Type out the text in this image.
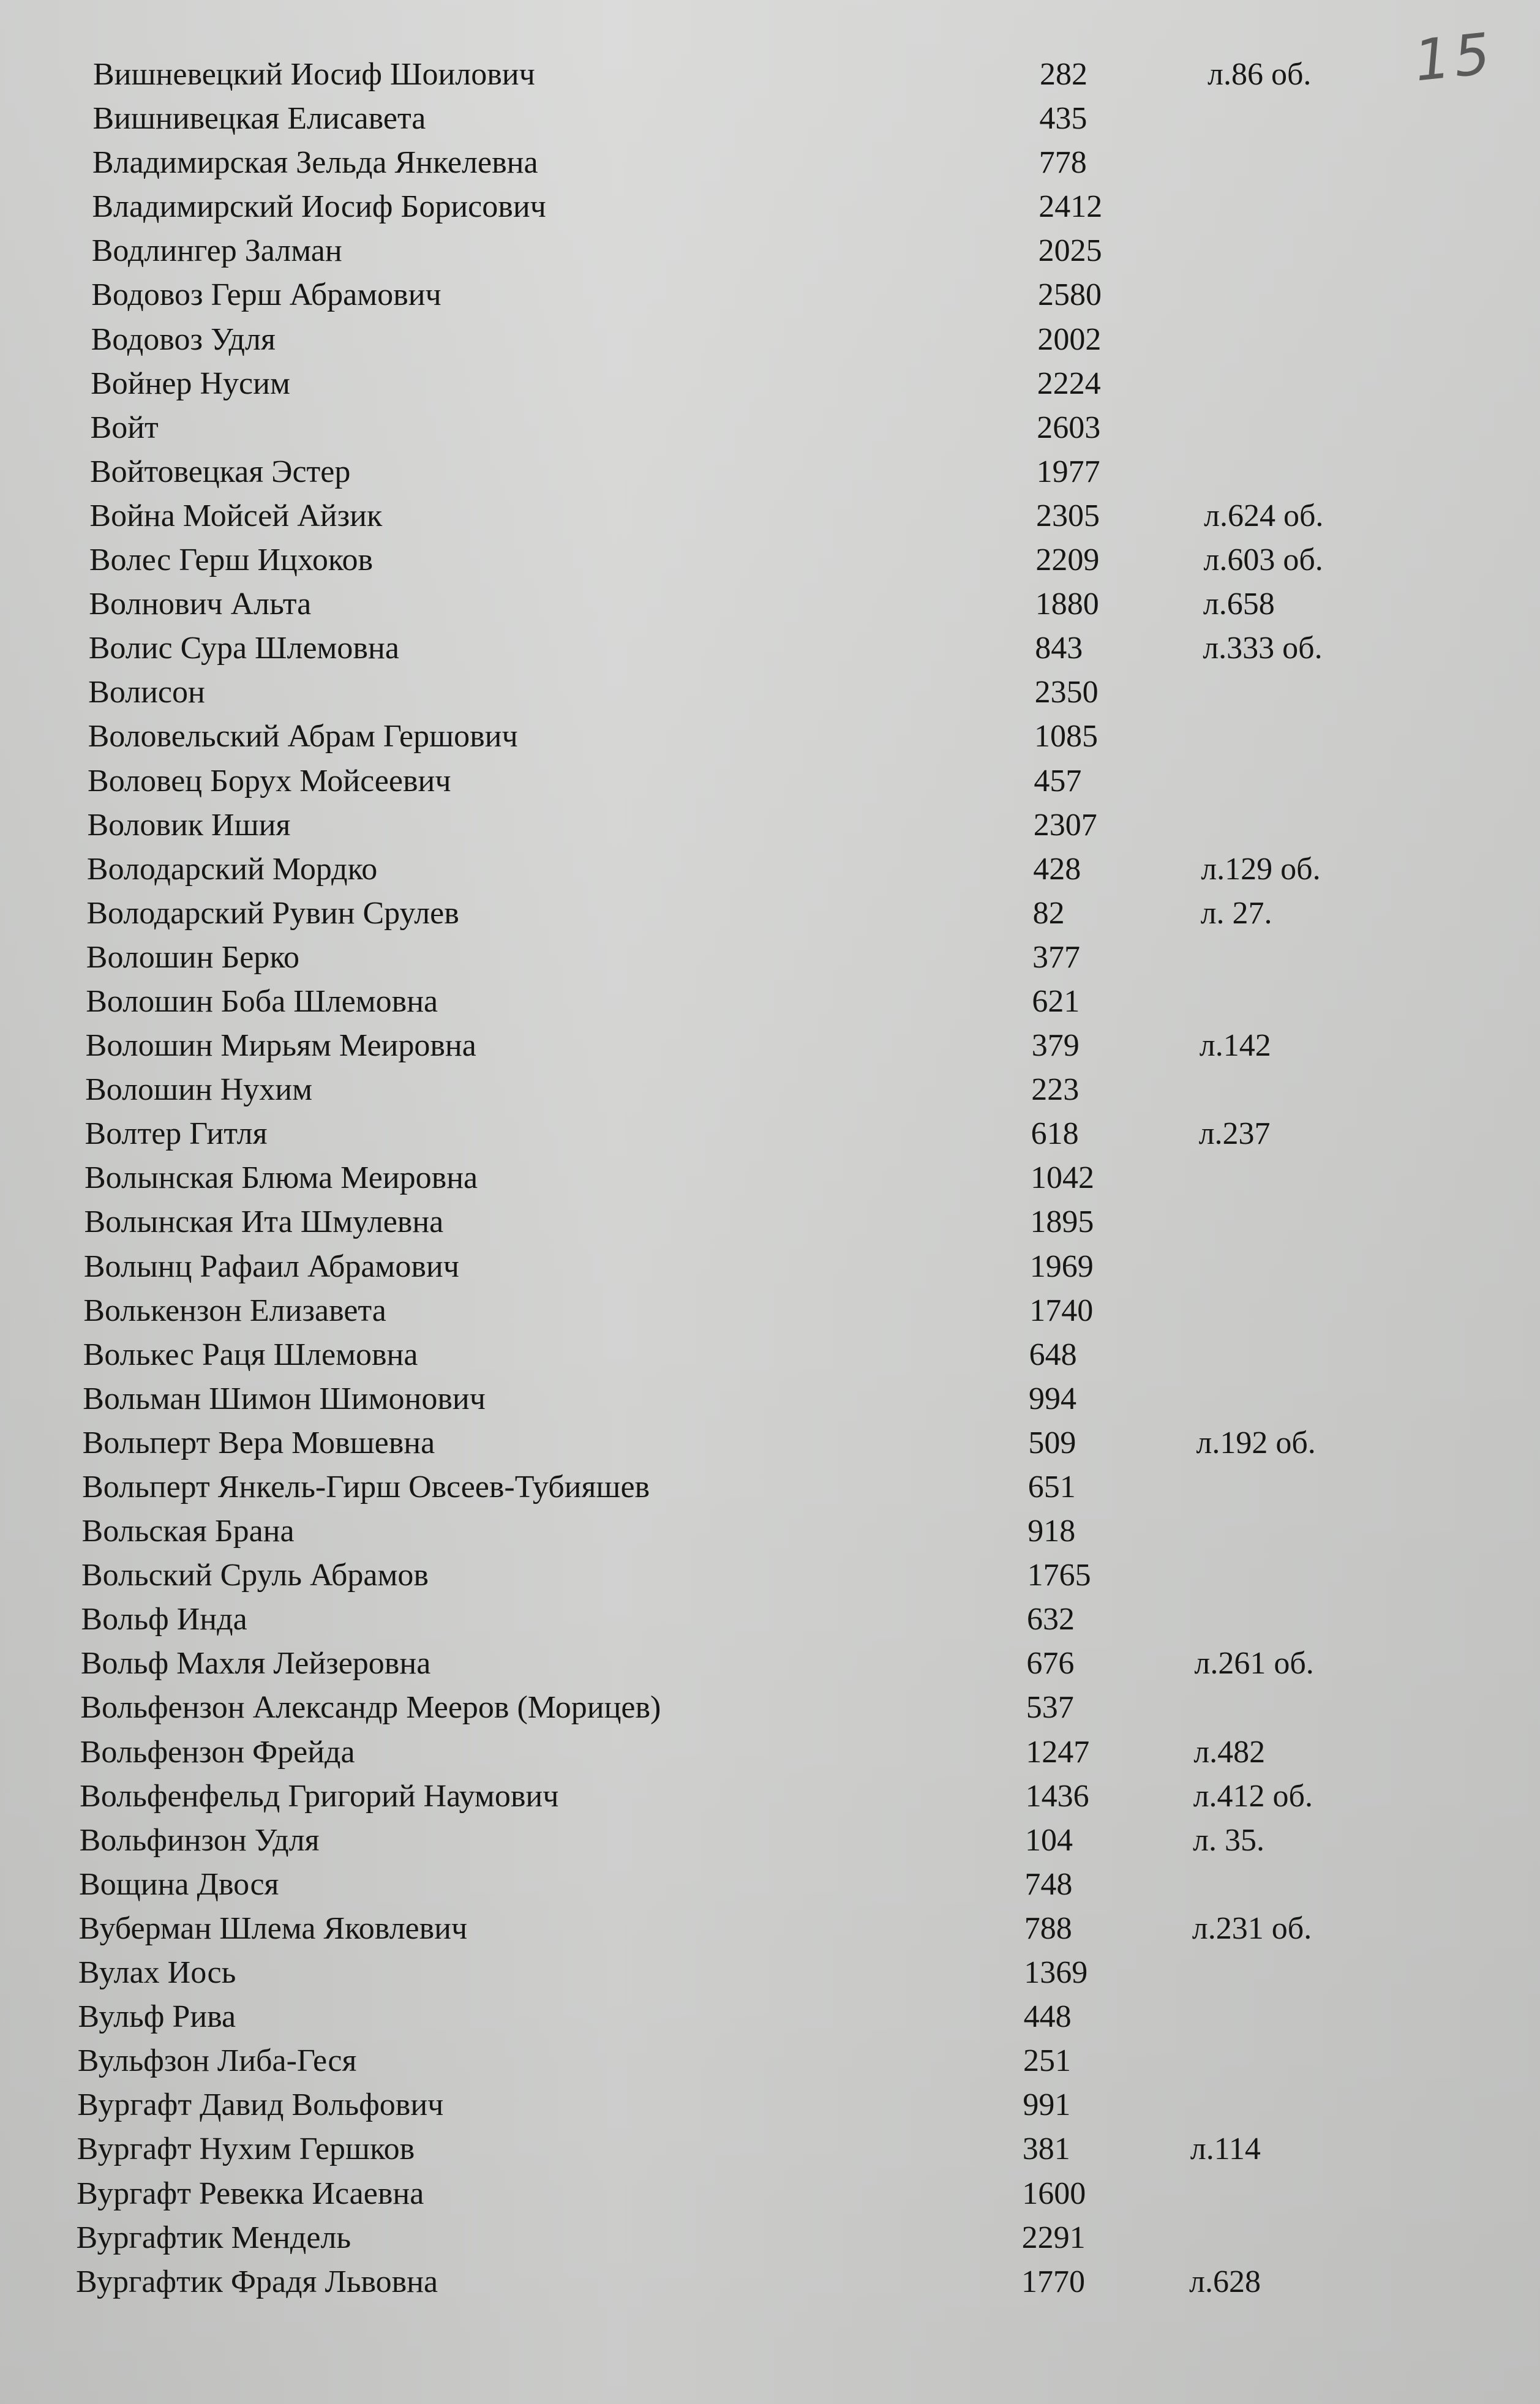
15
Вишневецкий Иосиф Шоилович	282	л.86 об.
Вишнивецкая Елисавета	435
Владимирская Зельда Янкелевна	778
Владимирский Иосиф Борисович	2412
Водлингер Залман	2025
Водовоз Герш Абрамович	2580
Водовоз Удля	2002
Войнер Нусим	2224
Войт	2603
Войтовецкая Эстер	1977
Война Мойсей Айзик	2305	л.624 об.
Волес Герш Ицхоков	2209	л.603 об.
Волнович Альта	1880	л.658
Волис Сура Шлемовна	843	л.333 об.
Волисон	2350
Воловельский Абрам Гершович	1085
Воловец Борух Мойсеевич	457
Воловик Ишия	2307
Володарский Мордко	428	л.129 об.
Володарский Рувин Срулев	82	л. 27.
Волошин Берко	377
Волошин Боба Шлемовна	621
Волошин Мирьям Меировна	379	л.142
Волошин Нухим	223
Волтер Гитля	618	л.237
Волынская Блюма Меировна	1042
Волынская Ита Шмулевна	1895
Волынц Рафаил Абрамович	1969
Волькензон Елизавета	1740
Волькес Раця Шлемовна	648
Вольман Шимон Шимонович	994
Вольперт Вера Мовшевна	509	л.192 об.
Вольперт Янкель-Гирш Овсеев-Тубияшев	651
Вольская Брана	918
Вольский Сруль Абрамов	1765
Вольф Инда	632
Вольф Махля Лейзеровна	676	л.261 об.
Вольфензон Александр Мееров (Морицев)	537
Вольфензон Фрейда	1247	л.482
Вольфенфельд Григорий Наумович	1436	л.412 об.
Вольфинзон Удля	104	л. 35.
Вощина Двося	748
Вуберман Шлема Яковлевич	788	л.231 об.
Вулах Иось	1369
Вульф Рива	448
Вульфзон Либа-Геся	251
Вургафт Давид Вольфович	991
Вургафт Нухим Гершков	381	л.114
Вургафт Ревекка Исаевна	1600
Вургафтик Мендель	2291
Вургафтик Фрадя Львовна	1770	л.628
